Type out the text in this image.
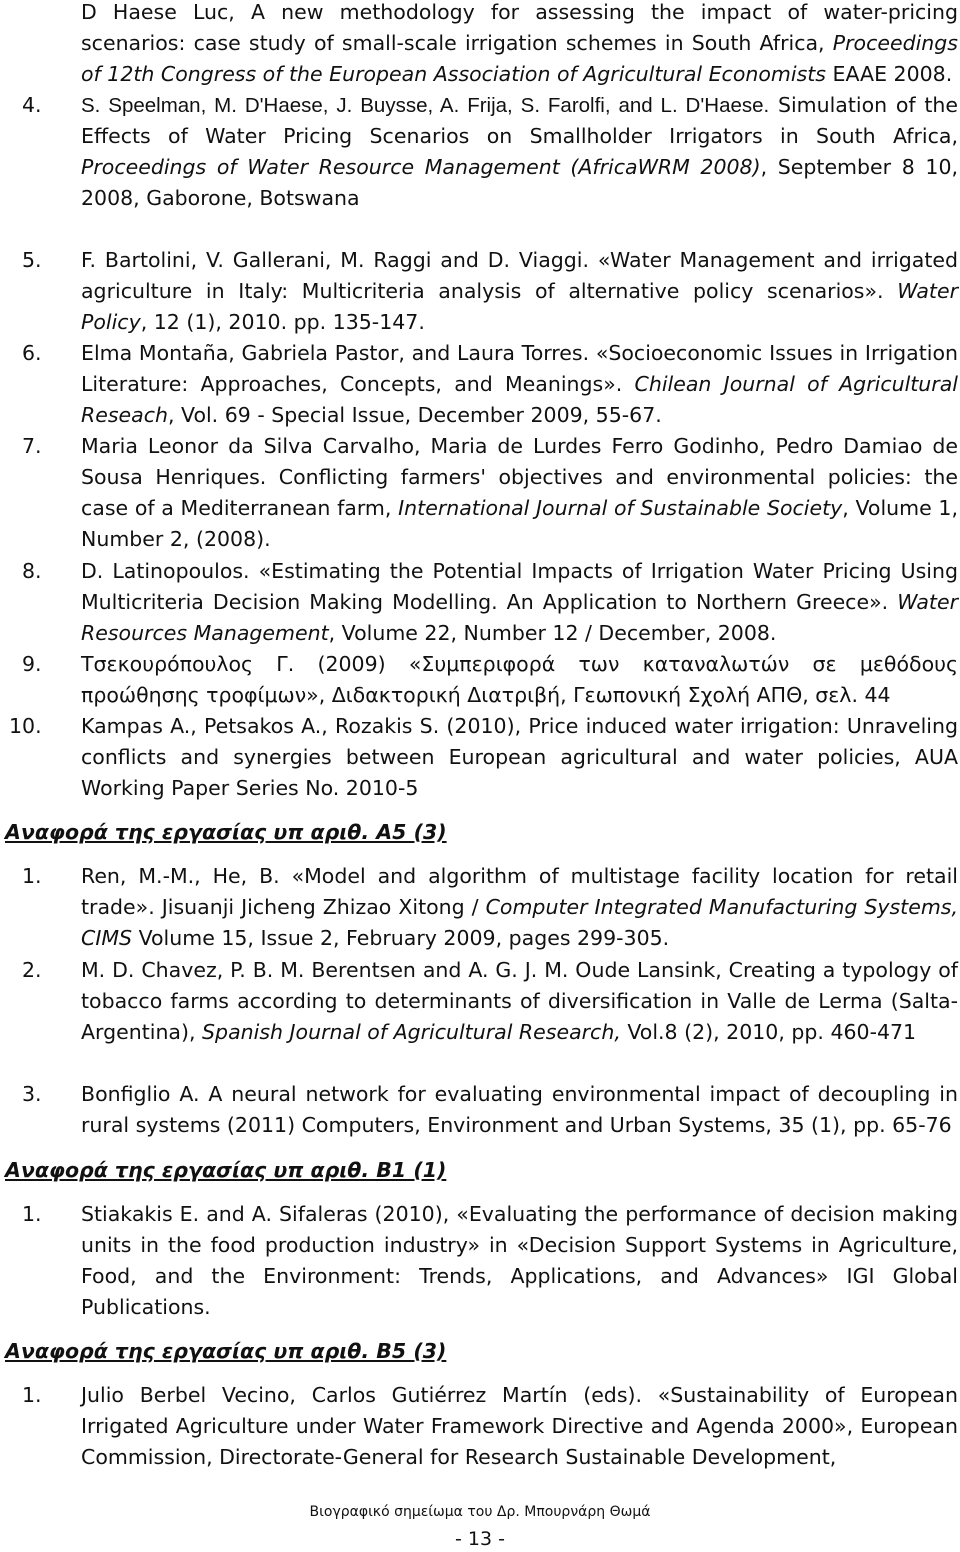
D Haese Luc, A new methodology for assessing the impact of water-pricing scenarios: case study of small-scale irrigation schemes in South Africa, Proceedings of 12th Congress of the European Association of Agricultural Economists EAAE 2008.
4.	S. Speelman, M. D'Haese, J. Buysse, A. Frija, S. Farolfi, and L. D'Haese. Simulation of the Effects of Water Pricing Scenarios on Smallholder Irrigators in South Africa, Proceedings of Water Resource Management (AfricaWRM 2008), September 8 10, 2008, Gaborone, Botswana
5.	F. Bartolini, V. Gallerani, M. Raggi and D. Viaggi. «Water Management and irrigated agriculture in Italy: Multicriteria analysis of alternative policy scenarios». Water Policy, 12 (1), 2010. pp. 135-147.
6.	Elma Montaña, Gabriela Pastor, and Laura Torres. «Socioeconomic Issues in Irrigation Literature: Approaches, Concepts, and Meanings». Chilean Journal of Agricultural Reseach, Vol. 69 - Special Issue, December 2009, 55-67.
7.	Maria Leonor da Silva Carvalho, Maria de Lurdes Ferro Godinho, Pedro Damiao de Sousa Henriques. Conflicting farmers' objectives and environmental policies: the case of a Mediterranean farm, International Journal of Sustainable Society, Volume 1, Number 2, (2008).
8.	D. Latinopoulos. «Estimating the Potential Impacts of Irrigation Water Pricing Using Multicriteria Decision Making Modelling. An Application to Northern Greece». Water Resources Management, Volume 22, Number 12 / December, 2008.
9.	Τσεκουρόπουλος Γ. (2009) «Συμπεριφορά των καταναλωτών σε μεθόδους προώθησης τροφίμων», Διδακτορική Διατριβή, Γεωπονική Σχολή ΑΠΘ, σελ. 44
10.	Kampas A., Petsakos A., Rozakis S. (2010), Price induced water irrigation: Unraveling conflicts and synergies between European agricultural and water policies, AUA Working Paper Series No. 2010-5
Αναφορά της εργασίας υπ αριθ. Α5 (3)
1.	Ren, M.-M., He, B. «Model and algorithm of multistage facility location for retail trade». Jisuanji Jicheng Zhizao Xitong / Computer Integrated Manufacturing Systems, CIMS Volume 15, Issue 2, February 2009, pages 299-305.
2.	M. D. Chavez, P. B. M. Berentsen and A. G. J. M. Oude Lansink, Creating a typology of tobacco farms according to determinants of diversification in Valle de Lerma (Salta-Argentina), Spanish Journal of Agricultural Research, Vol.8 (2), 2010, pp. 460-471
3.	Bonfiglio A. A neural network for evaluating environmental impact of decoupling in rural systems (2011) Computers, Environment and Urban Systems, 35 (1), pp. 65-76
Αναφορά της εργασίας υπ αριθ. Β1 (1)
1.	Stiakakis E. and A. Sifaleras (2010), «Evaluating the performance of decision making units in the food production industry» in «Decision Support Systems in Agriculture, Food, and the Environment: Trends, Applications, and Advances» IGI Global Publications.
Αναφορά της εργασίας υπ αριθ. Β5 (3)
1.	Julio Berbel Vecino, Carlos Gutiérrez Martín (eds). «Sustainability of European Irrigated Agriculture under Water Framework Directive and Agenda 2000», European Commission, Directorate-General for Research Sustainable Development,
Βιογραφικό σημείωμα του Δρ. Μπουρνάρη Θωμά
- 13 -
